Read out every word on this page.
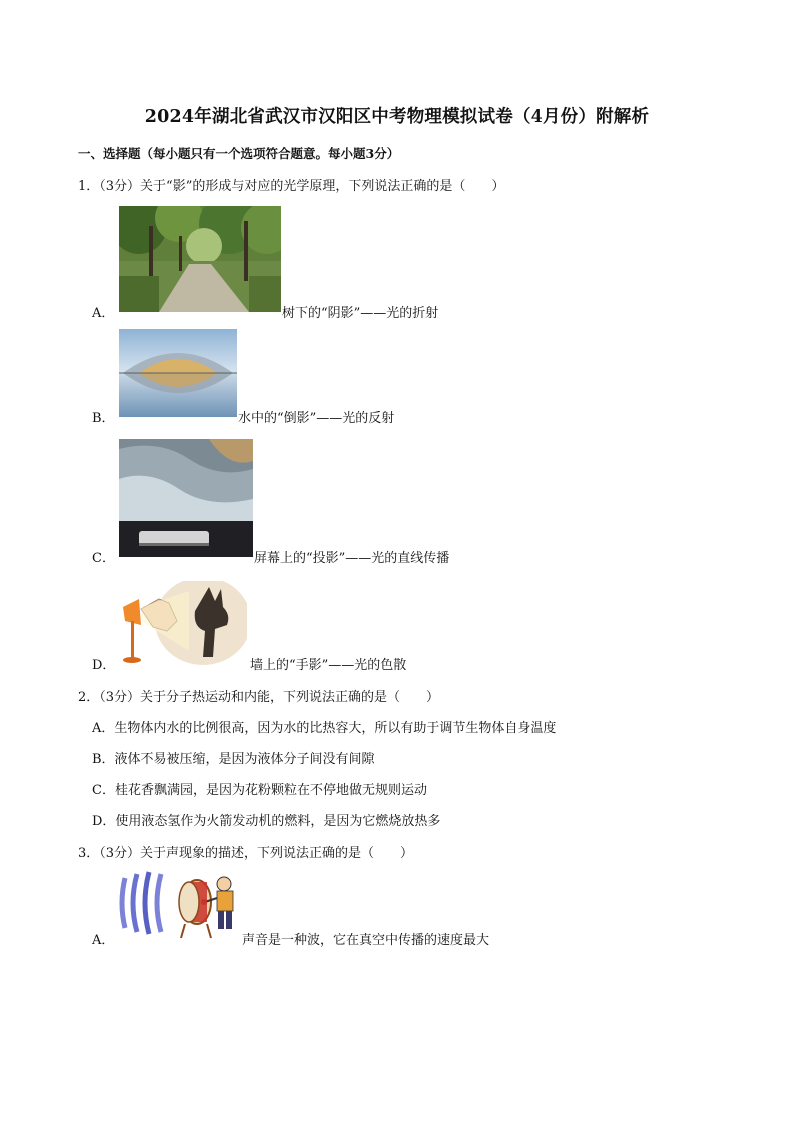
2024年湖北省武汉市汉阳区中考物理模拟试卷（4月份）附解析
一、选择题（每小题只有一个选项符合题意。每小题3分）
1．（3分）关于“影”的形成与对应的光学原理，下列说法正确的是（　　）
A．	树下的“阴影”——光的折射
B．	水中的“倒影”——光的反射
C．	屏幕上的“投影”——光的直线传播
D．	墙上的“手影”——光的色散
2．（3分）关于分子热运动和内能，下列说法正确的是（　　）
A．生物体内水的比例很高，因为水的比热容大，所以有助于调节生物体自身温度
B．液体不易被压缩，是因为液体分子间没有间隙
C．桂花香飘满园，是因为花粉颗粒在不停地做无规则运动
D．使用液态氢作为火箭发动机的燃料，是因为它燃烧放热多
3．（3分）关于声现象的描述，下列说法正确的是（　　）
A．	声音是一种波，它在真空中传播的速度最大
